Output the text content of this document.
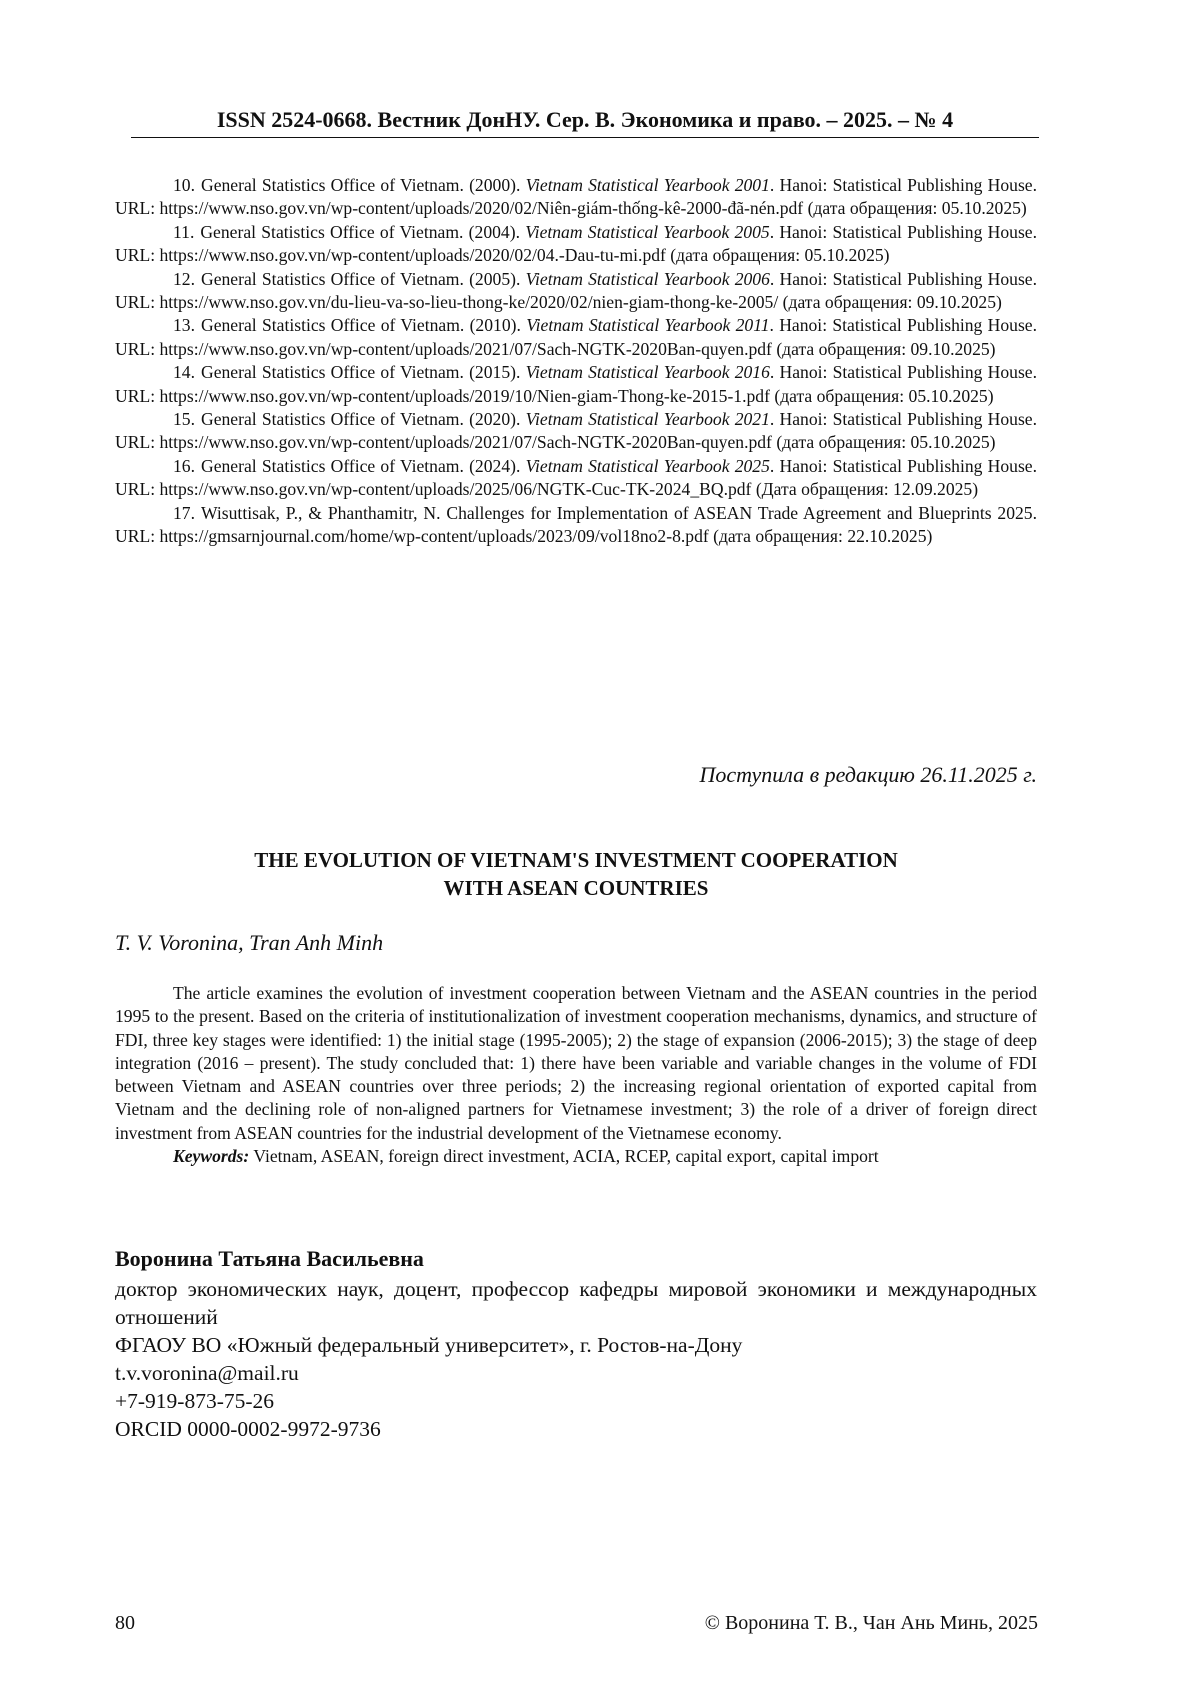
ISSN 2524-0668. Вестник ДонНУ. Сер. В. Экономика и право. – 2025. – № 4

10. General Statistics Office of Vietnam. (2000). Vietnam Statistical Yearbook 2001. Hanoi: Statistical Publishing House. URL: https://www.nso.gov.vn/wp-content/uploads/2020/02/Niên-giám-thống-kê-2000-đã-nén.pdf (дата обращения: 05.10.2025)

11. General Statistics Office of Vietnam. (2004). Vietnam Statistical Yearbook 2005. Hanoi: Statistical Publishing House. URL: https://www.nso.gov.vn/wp-content/uploads/2020/02/04.-Dau-tu-mi.pdf (дата обращения: 05.10.2025)

12. General Statistics Office of Vietnam. (2005). Vietnam Statistical Yearbook 2006. Hanoi: Statistical Publishing House. URL: https://www.nso.gov.vn/du-lieu-va-so-lieu-thong-ke/2020/02/nien-giam-thong-ke-2005/ (дата обращения: 09.10.2025)

13. General Statistics Office of Vietnam. (2010). Vietnam Statistical Yearbook 2011. Hanoi: Statistical Publishing House. URL: https://www.nso.gov.vn/wp-content/uploads/2021/07/Sach-NGTK-2020Ban-quyen.pdf (дата обращения: 09.10.2025)

14. General Statistics Office of Vietnam. (2015). Vietnam Statistical Yearbook 2016. Hanoi: Statistical Publishing House. URL: https://www.nso.gov.vn/wp-content/uploads/2019/10/Nien-giam-Thong-ke-2015-1.pdf (дата обращения: 05.10.2025)

15. General Statistics Office of Vietnam. (2020). Vietnam Statistical Yearbook 2021. Hanoi: Statistical Publishing House. URL: https://www.nso.gov.vn/wp-content/uploads/2021/07/Sach-NGTK-2020Ban-quyen.pdf (дата обращения: 05.10.2025)

16. General Statistics Office of Vietnam. (2024). Vietnam Statistical Yearbook 2025. Hanoi: Statistical Publishing House. URL: https://www.nso.gov.vn/wp-content/uploads/2025/06/NGTK-Cuc-TK-2024_BQ.pdf (Дата обращения: 12.09.2025)

17. Wisuttisak, P., & Phanthamitr, N. Challenges for Implementation of ASEAN Trade Agreement and Blueprints 2025. URL: https://gmsarnjournal.com/home/wp-content/uploads/2023/09/vol18no2-8.pdf (дата обращения: 22.10.2025)

Поступила в редакцию 26.11.2025 г.
THE EVOLUTION OF VIETNAM'S INVESTMENT COOPERATION
WITH ASEAN COUNTRIES
T. V. Voronina, Tran Anh Minh

The article examines the evolution of investment cooperation between Vietnam and the ASEAN countries in the period 1995 to the present. Based on the criteria of institutionalization of investment cooperation mechanisms, dynamics, and structure of FDI, three key stages were identified: 1) the initial stage (1995-2005); 2) the stage of expansion (2006-2015); 3) the stage of deep integration (2016 – present). The study concluded that: 1) there have been variable and variable changes in the volume of FDI between Vietnam and ASEAN countries over three periods; 2) the increasing regional orientation of exported capital from Vietnam and the declining role of non-aligned partners for Vietnamese investment; 3) the role of a driver of foreign direct investment from ASEAN countries for the industrial development of the Vietnamese economy.

Keywords: Vietnam, ASEAN, foreign direct investment, ACIA, RCEP, capital export, capital import

Воронина Татьяна Васильевна
доктор экономических наук, доцент, профессор кафедры мировой экономики и международных отношений
ФГАОУ ВО «Южный федеральный университет», г. Ростов-на-Дону
t.v.voronina@mail.ru
+7-919-873-75-26
ORCID 0000-0002-9972-9736
80	© Воронина Т. В., Чан Ань Минь, 2025
